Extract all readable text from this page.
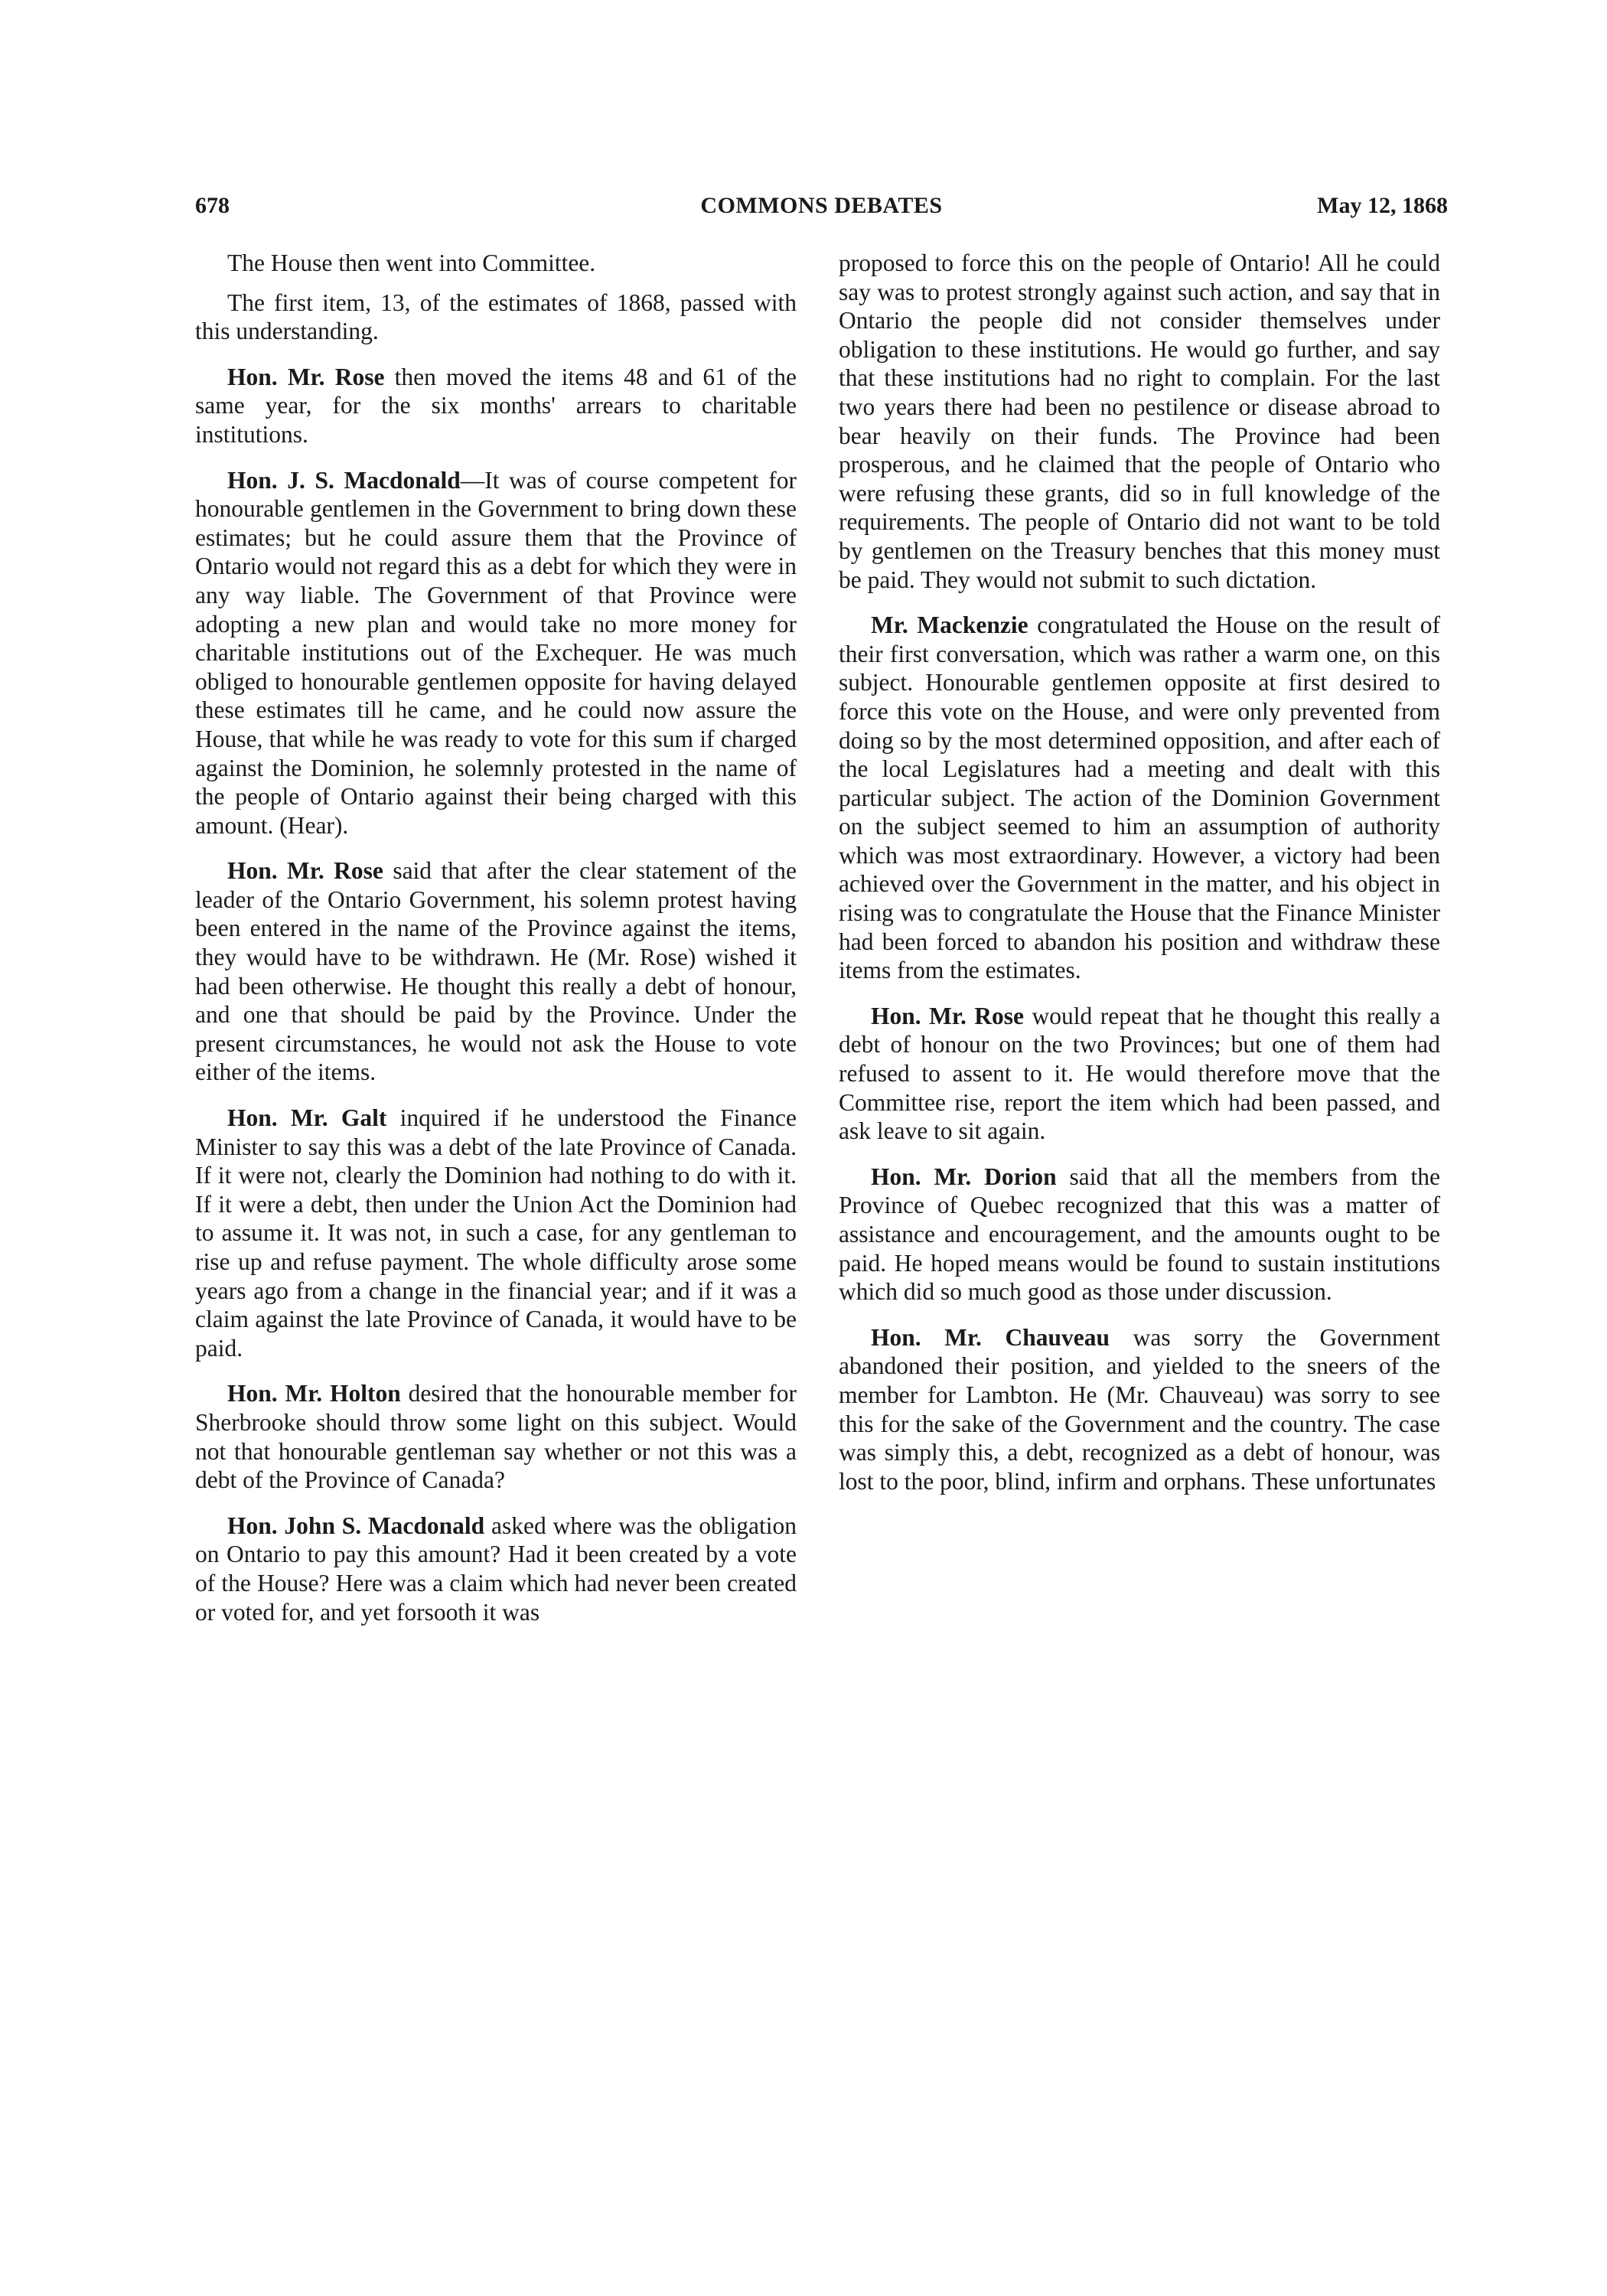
678	COMMONS DEBATES	May 12, 1868

The House then went into Committee.

The first item, 13, of the estimates of 1868, passed with this understanding.

Hon. Mr. Rose then moved the items 48 and 61 of the same year, for the six months' arrears to charitable institutions.

Hon. J. S. Macdonald—It was of course competent for honourable gentlemen in the Government to bring down these estimates; but he could assure them that the Province of Ontario would not regard this as a debt for which they were in any way liable. The Government of that Province were adopting a new plan and would take no more money for charitable institutions out of the Exchequer. He was much obliged to honourable gentlemen opposite for having delayed these estimates till he came, and he could now assure the House, that while he was ready to vote for this sum if charged against the Dominion, he solemnly protested in the name of the people of Ontario against their being charged with this amount. (Hear).

Hon. Mr. Rose said that after the clear statement of the leader of the Ontario Government, his solemn protest having been entered in the name of the Province against the items, they would have to be withdrawn. He (Mr. Rose) wished it had been otherwise. He thought this really a debt of honour, and one that should be paid by the Province. Under the present circumstances, he would not ask the House to vote either of the items.

Hon. Mr. Galt inquired if he understood the Finance Minister to say this was a debt of the late Province of Canada. If it were not, clearly the Dominion had nothing to do with it. If it were a debt, then under the Union Act the Dominion had to assume it. It was not, in such a case, for any gentleman to rise up and refuse payment. The whole difficulty arose some years ago from a change in the financial year; and if it was a claim against the late Province of Canada, it would have to be paid.

Hon. Mr. Holton desired that the honourable member for Sherbrooke should throw some light on this subject. Would not that honourable gentleman say whether or not this was a debt of the Province of Canada?

Hon. John S. Macdonald asked where was the obligation on Ontario to pay this amount? Had it been created by a vote of the House? Here was a claim which had never been created or voted for, and yet forsooth it was

proposed to force this on the people of Ontario! All he could say was to protest strongly against such action, and say that in Ontario the people did not consider themselves under obligation to these institutions. He would go further, and say that these institutions had no right to complain. For the last two years there had been no pestilence or disease abroad to bear heavily on their funds. The Province had been prosperous, and he claimed that the people of Ontario who were refusing these grants, did so in full knowledge of the requirements. The people of Ontario did not want to be told by gentlemen on the Treasury benches that this money must be paid. They would not submit to such dictation.

Mr. Mackenzie congratulated the House on the result of their first conversation, which was rather a warm one, on this subject. Honourable gentlemen opposite at first desired to force this vote on the House, and were only prevented from doing so by the most determined opposition, and after each of the local Legislatures had a meeting and dealt with this particular subject. The action of the Dominion Government on the subject seemed to him an assumption of authority which was most extraordinary. However, a victory had been achieved over the Government in the matter, and his object in rising was to congratulate the House that the Finance Minister had been forced to abandon his position and withdraw these items from the estimates.

Hon. Mr. Rose would repeat that he thought this really a debt of honour on the two Provinces; but one of them had refused to assent to it. He would therefore move that the Committee rise, report the item which had been passed, and ask leave to sit again.

Hon. Mr. Dorion said that all the members from the Province of Quebec recognized that this was a matter of assistance and encouragement, and the amounts ought to be paid. He hoped means would be found to sustain institutions which did so much good as those under discussion.

Hon. Mr. Chauveau was sorry the Government abandoned their position, and yielded to the sneers of the member for Lambton. He (Mr. Chauveau) was sorry to see this for the sake of the Government and the country. The case was simply this, a debt, recognized as a debt of honour, was lost to the poor, blind, infirm and orphans. These unfortunates
